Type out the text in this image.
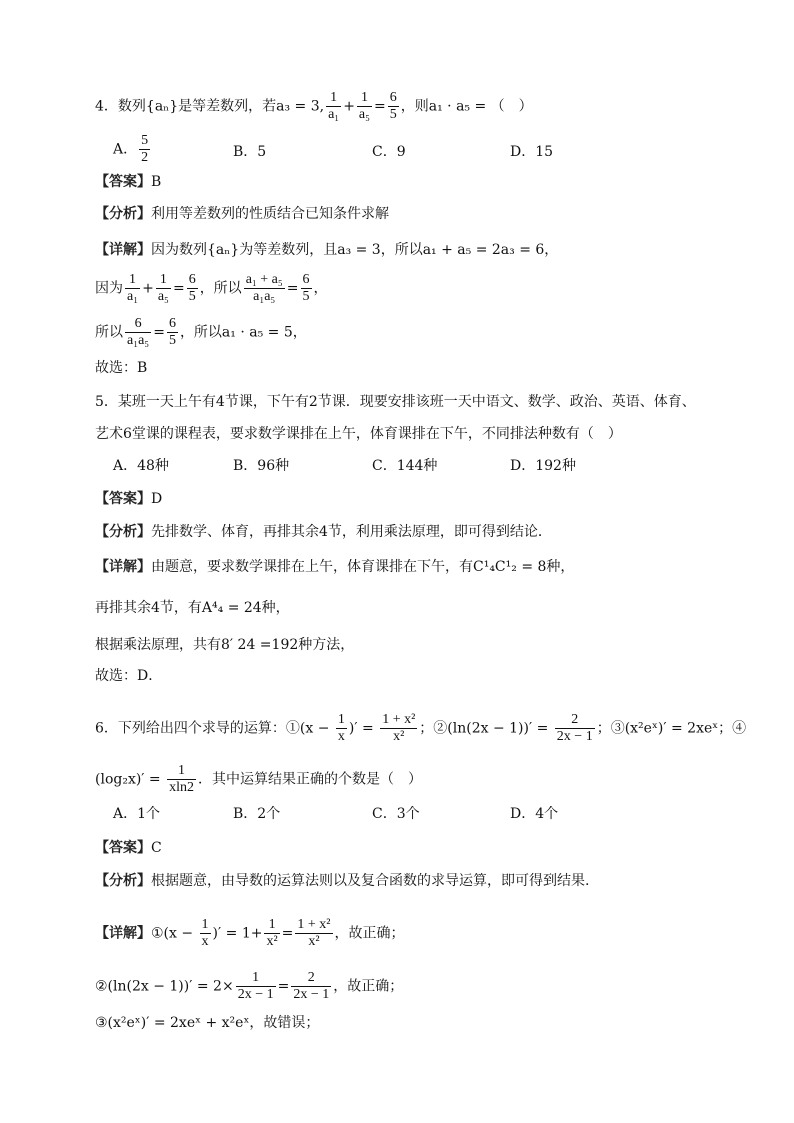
4．数列{aₙ}是等差数列，若a₃ = 3, $\frac{1}{\text{a₁}} + \frac{1}{\text{a₅}} = \frac{6}{5}$ ，则a₁ · a₅ = （　）
A． $\frac{5}{2}$	B．5	C．9	D．15
【答案】B
【分析】利用等差数列的性质结合已知条件求解
【详解】因为数列{aₙ}为等差数列，且a₃ = 3，所以a₁ + a₅ = 2a₃ = 6，
因为 $\frac{1}{\text{a₁}} + \frac{1}{\text{a₅}} = \frac{6}{5}$ ，所以 $\frac{\text{a₁ + a₅}}{\text{a₁a₅}} = \frac{6}{5}$ ，
所以 $\frac{6}{\text{a₁a₅}} = \frac{6}{5}$ ，所以a₁ · a₅ = 5，
故选：B
5．某班一天上午有4节课，下午有2节课．现要安排该班一天中语文、数学、政治、英语、体育、
艺术6堂课的课程表，要求数学课排在上午，体育课排在下午，不同排法种数有（　）
A．48种	B．96种	C．144种	D．192种
【答案】D
【分析】先排数学、体育，再排其余4节，利用乘法原理，即可得到结论．
【详解】由题意，要求数学课排在上午，体育课排在下午，有C¹₄C¹₂ = 8种，
再排其余4节，有A⁴₄ = 24种，
根据乘法原理，共有8′ 24 =192种方法，
故选：D．
6．下列给出四个求导的运算：①(x − $\frac{1}{x}$ )′ = $\frac{\text{1 + x²}}{\text{x²}}$ ；②(ln(2x − $1))' = \frac{2}{2x - 1}$ ；③(x²eˣ)′ = 2xeˣ；④
$(\log_2x)' = \frac{1}{xln2}$ ．其中运算结果正确的个数是（　）
A．1个	B．2个	C．3个	D．4个
【答案】C
【分析】根据题意，由导数的运算法则以及复合函数的求导运算，即可得到结果.
【详解】①(x − $\frac{1}{x}$ )′ = $1+ \frac{1}{\text{x²}} = \frac{\text{1 + x²}}{\text{x²}}$ ，故正确；
②(ln(2x − $1))' = 2\times \frac{1}{2x - 1} = \frac{2}{2x - 1}$ ，故正确；
③(x²eˣ)′ = 2xeˣ + x²eˣ，故错误；
